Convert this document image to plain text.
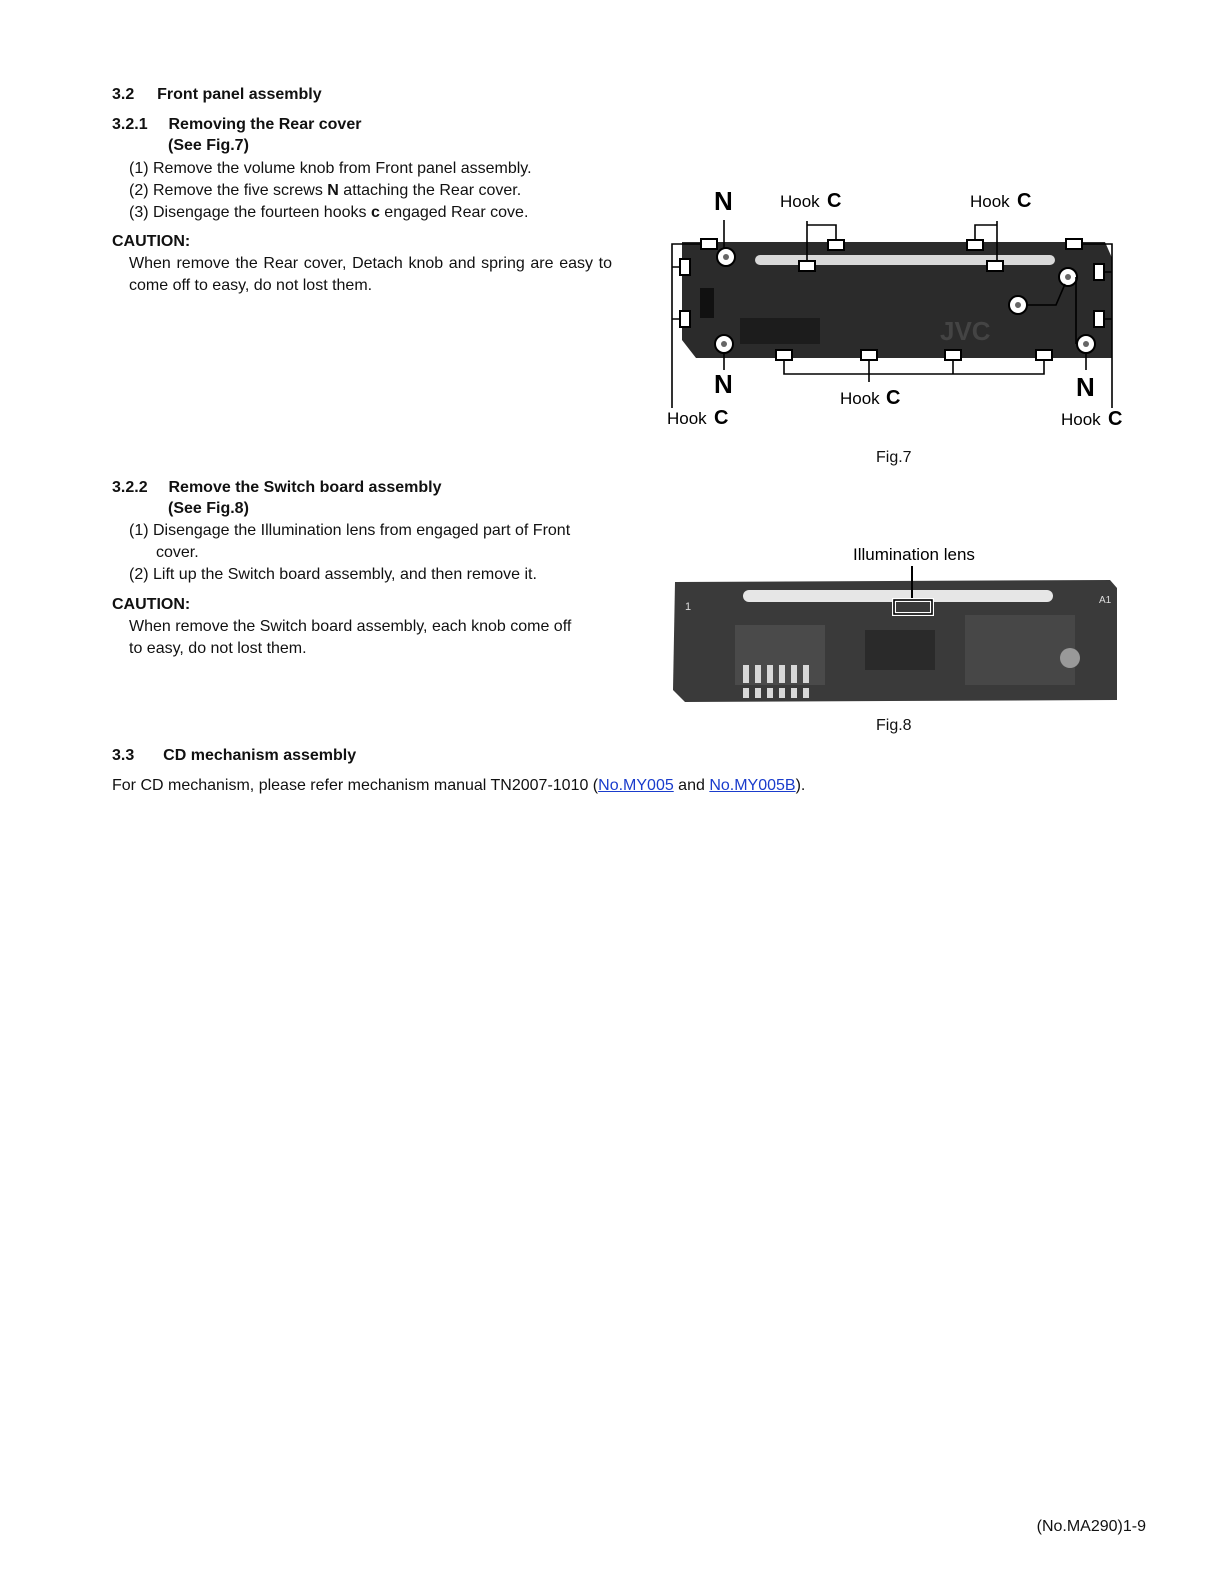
3.2 Front panel assembly
3.2.1 Removing the Rear cover
(See Fig.7)
(1) Remove the volume knob from Front panel assembly.
(2) Remove the five screws N attaching the Rear cover.
(3) Disengage the fourteen hooks c engaged Rear cove.
CAUTION:
When remove the Rear cover, Detach knob and spring are easy to come off to easy, do not lost them.
JVC
N
N	N
Hook C	Hook C
Hook C
Hook C	Hook C
Fig.7
3.2.2 Remove the Switch board assembly
(See Fig.8)
(1) Disengage the Illumination lens from engaged part of Front
cover.
(2) Lift up the Switch board assembly, and then remove it.
CAUTION:
When remove the Switch board assembly, each knob come off
to easy, do not lost them.
Illumination lens
1
A1
Fig.8
3.3 CD mechanism assembly
For CD mechanism, please refer mechanism manual TN2007-1010 (No.MY005 and No.MY005B).
(No.MA290)1-9
